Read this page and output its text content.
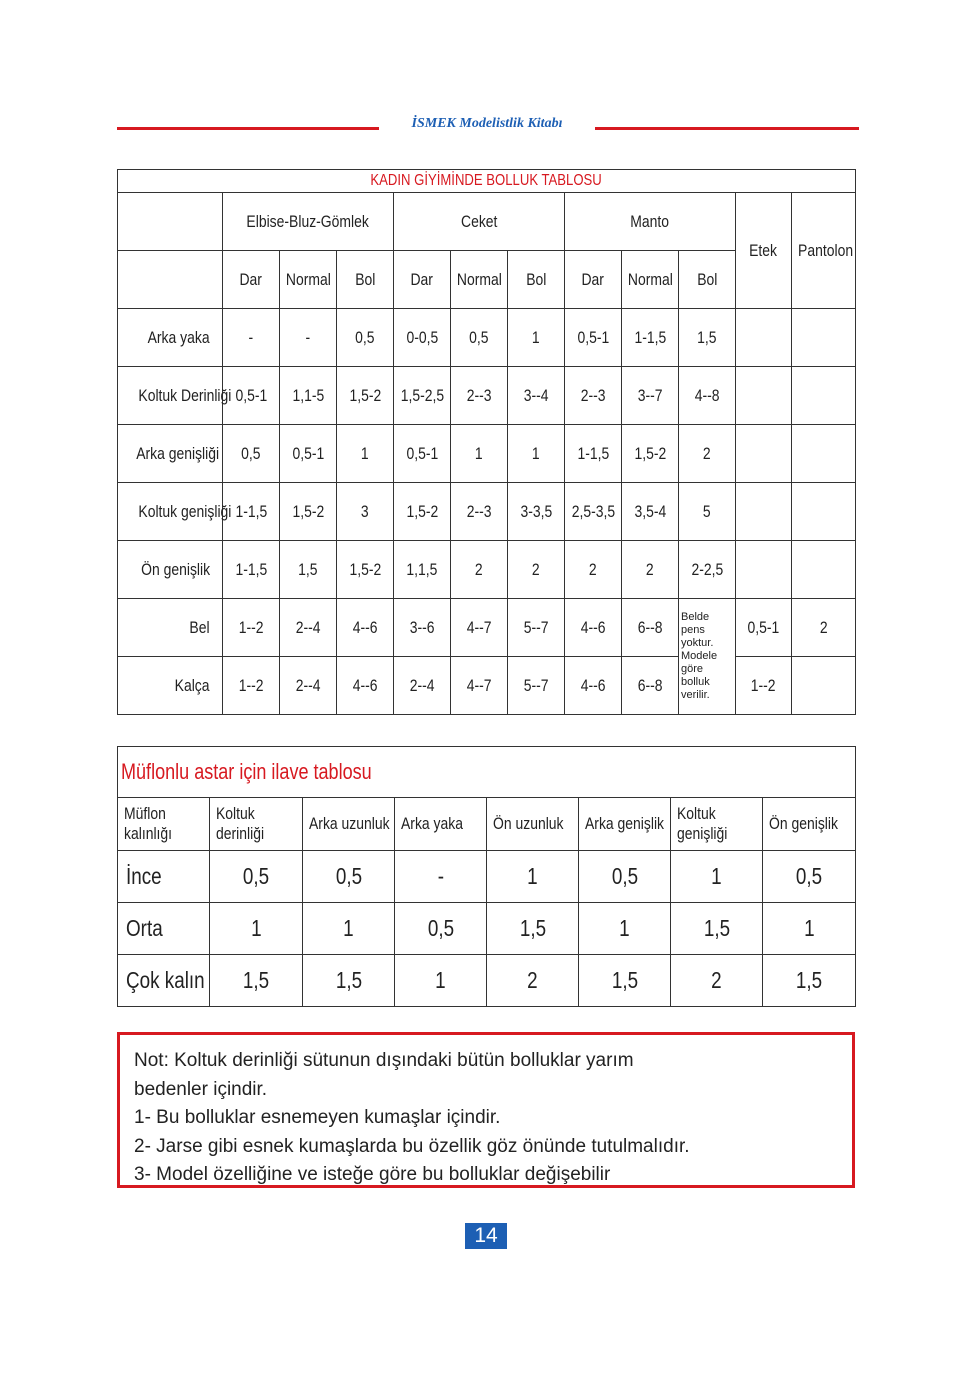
İSMEK Modelistlik Kitabı
KADIN GİYİMİNDE BOLLUK TABLOSU											
	Elbise-Bluz-Gömlek			Ceket			Manto			Etek	Pantolon
	Dar	Normal	Bol	Dar	Normal	Bol	Dar	Normal	Bol		
Arka yaka	-	-	0,5	0-0,5	0,5	1	0,5-1	1-1,5	1,5		
Koltuk Derinliği	0,5-1	1,1-5	1,5-2	1,5-2,5	2--3	3--4	2--3	3--7	4--8		
Arka genişliği	0,5	0,5-1	1	0,5-1	1	1	1-1,5	1,5-2	2		
Koltuk genişliği	1-1,5	1,5-2	3	1,5-2	2--3	3-3,5	2,5-3,5	3,5-4	5		
Ön genişlik	1-1,5	1,5	1,5-2	1,1,5	2	2	2	2	2-2,5		
Bel	1--2	2--4	4--6	3--6	4--7	5--7	4--6	6--8	Belde pens yoktur. Modele göre bolluk verilir.	0,5-1	2
Kalça	1--2	2--4	4--6	2--4	4--7	5--7	4--6	6--8		1--2	
Müflonlu astar için ilave tablosu							
Müflon kalınlığı	Koltuk derinliği	Arka uzunluk	Arka yaka	Ön uzunluk	Arka genişlik	Koltuk genişliği	Ön genişlik
İnce	0,5	0,5	-	1	0,5	1	0,5
Orta	1	1	0,5	1,5	1	1,5	1
Çok kalın	1,5	1,5	1	2	1,5	2	1,5

Not: Koltuk derinliği sütunun dışındaki bütün bolluklar yarım

bedenler içindir.

1- Bu bolluklar esnemeyen kumaşlar içindir.

2- Jarse gibi esnek kumaşlarda bu özellik göz önünde tutulmalıdır.

3- Model özelliğine ve isteğe göre bu bolluklar değişebilir

14
